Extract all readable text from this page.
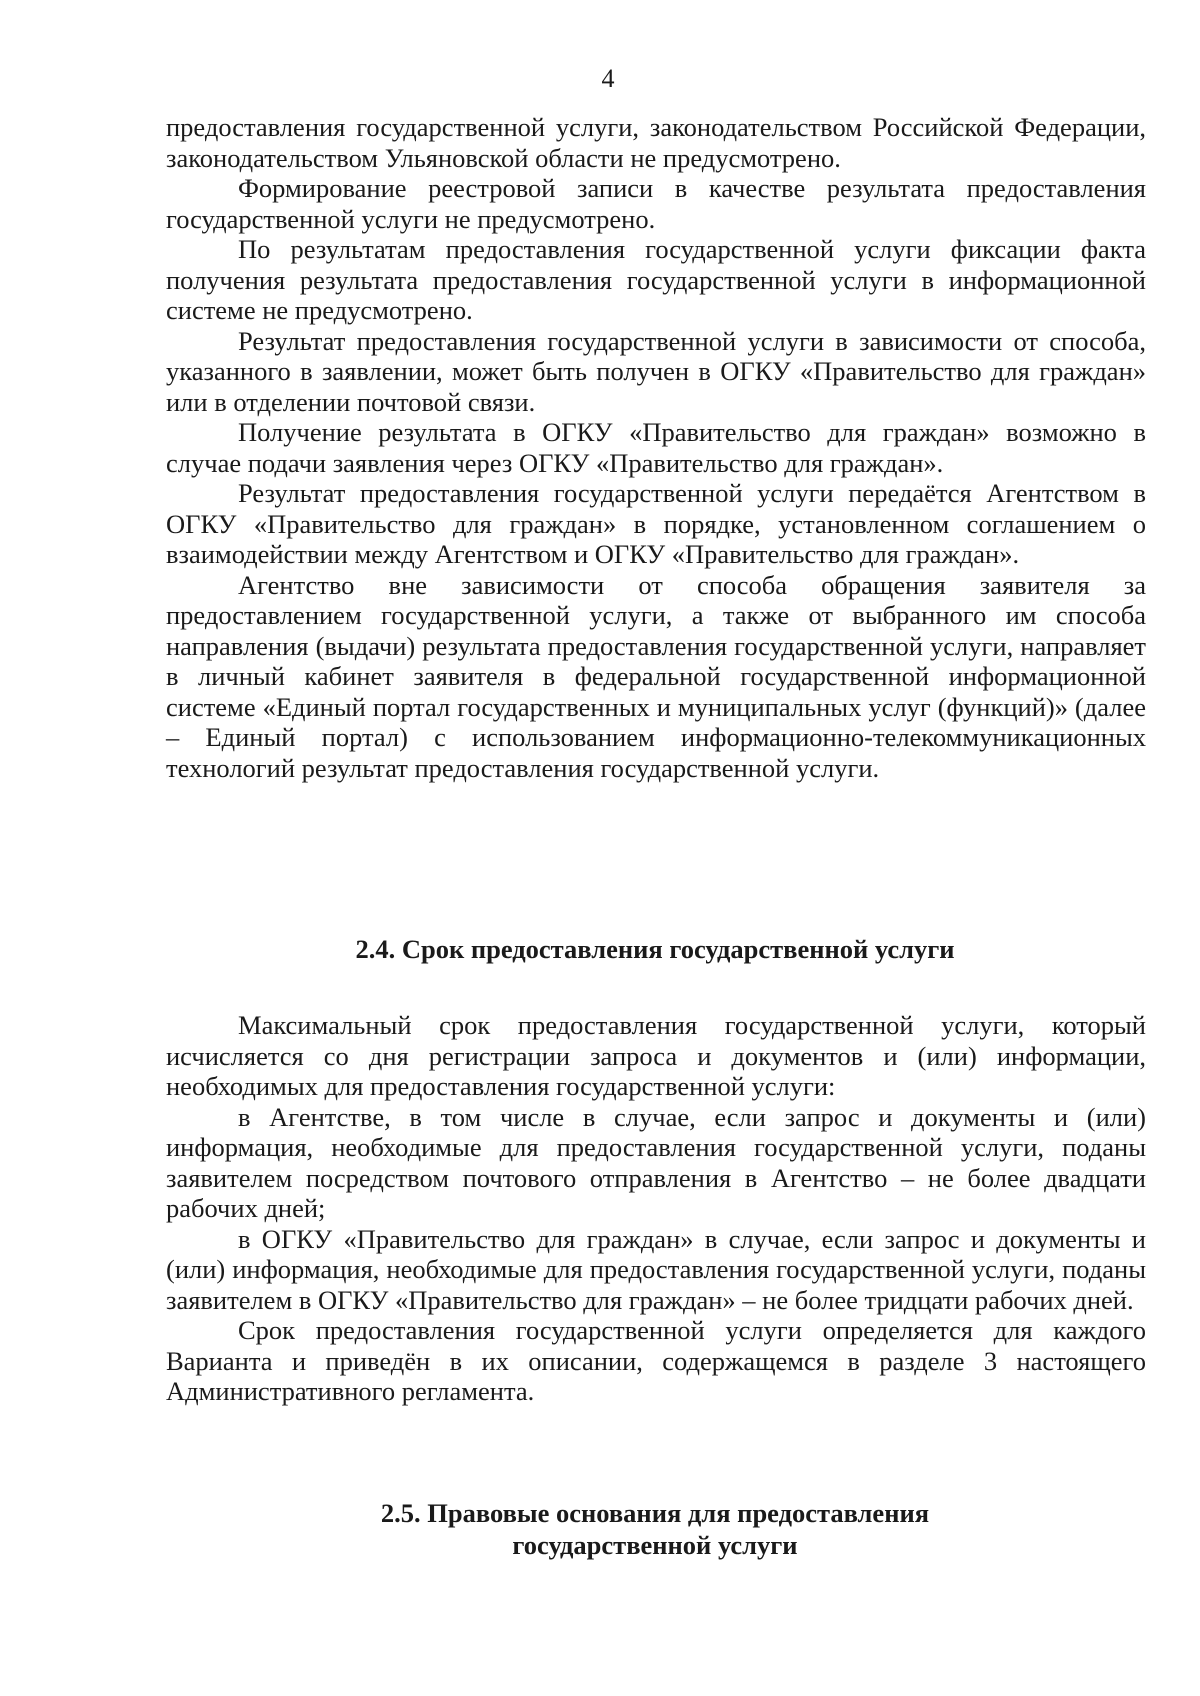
4

предоставления государственной услуги, законодательством Российской Федерации, законодательством Ульяновской области не предусмотрено.

Формирование реестровой записи в качестве результата предоставления государственной услуги не предусмотрено.

По результатам предоставления государственной услуги фиксации факта получения результата предоставления государственной услуги в информационной системе не предусмотрено.

Результат предоставления государственной услуги в зависимости от способа, указанного в заявлении, может быть получен в ОГКУ «Правительство для граждан» или в отделении почтовой связи.

Получение результата в ОГКУ «Правительство для граждан» возможно в случае подачи заявления через ОГКУ «Правительство для граждан».

Результат предоставления государственной услуги передаётся Агентством в ОГКУ «Правительство для граждан» в порядке, установленном соглашением о взаимодействии между Агентством и ОГКУ «Правительство для граждан».

Агентство вне зависимости от способа обращения заявителя за предоставлением государственной услуги, а также от выбранного им способа направления (выдачи) результата предоставления государственной услуги, направляет в личный кабинет заявителя в федеральной государственной информационной системе «Единый портал государственных и муниципальных услуг (функций)» (далее – Единый портал) с использованием информационно-телекоммуникационных технологий результат предоставления государственной услуги.

2.4. Срок предоставления государственной услуги

Максимальный срок предоставления государственной услуги, который исчисляется со дня регистрации запроса и документов и (или) информации, необходимых для предоставления государственной услуги:

в Агентстве, в том числе в случае, если запрос и документы и (или) информация, необходимые для предоставления государственной услуги, поданы заявителем посредством почтового отправления в Агентство – не более двадцати рабочих дней;

в ОГКУ «Правительство для граждан» в случае, если запрос и документы и (или) информация, необходимые для предоставления государственной услуги, поданы заявителем в ОГКУ «Правительство для граждан» – не более тридцати рабочих дней.

Срок предоставления государственной услуги определяется для каждого Варианта и приведён в их описании, содержащемся в разделе 3 настоящего Административного регламента.

2.5. Правовые основания для предоставления

государственной услуги
